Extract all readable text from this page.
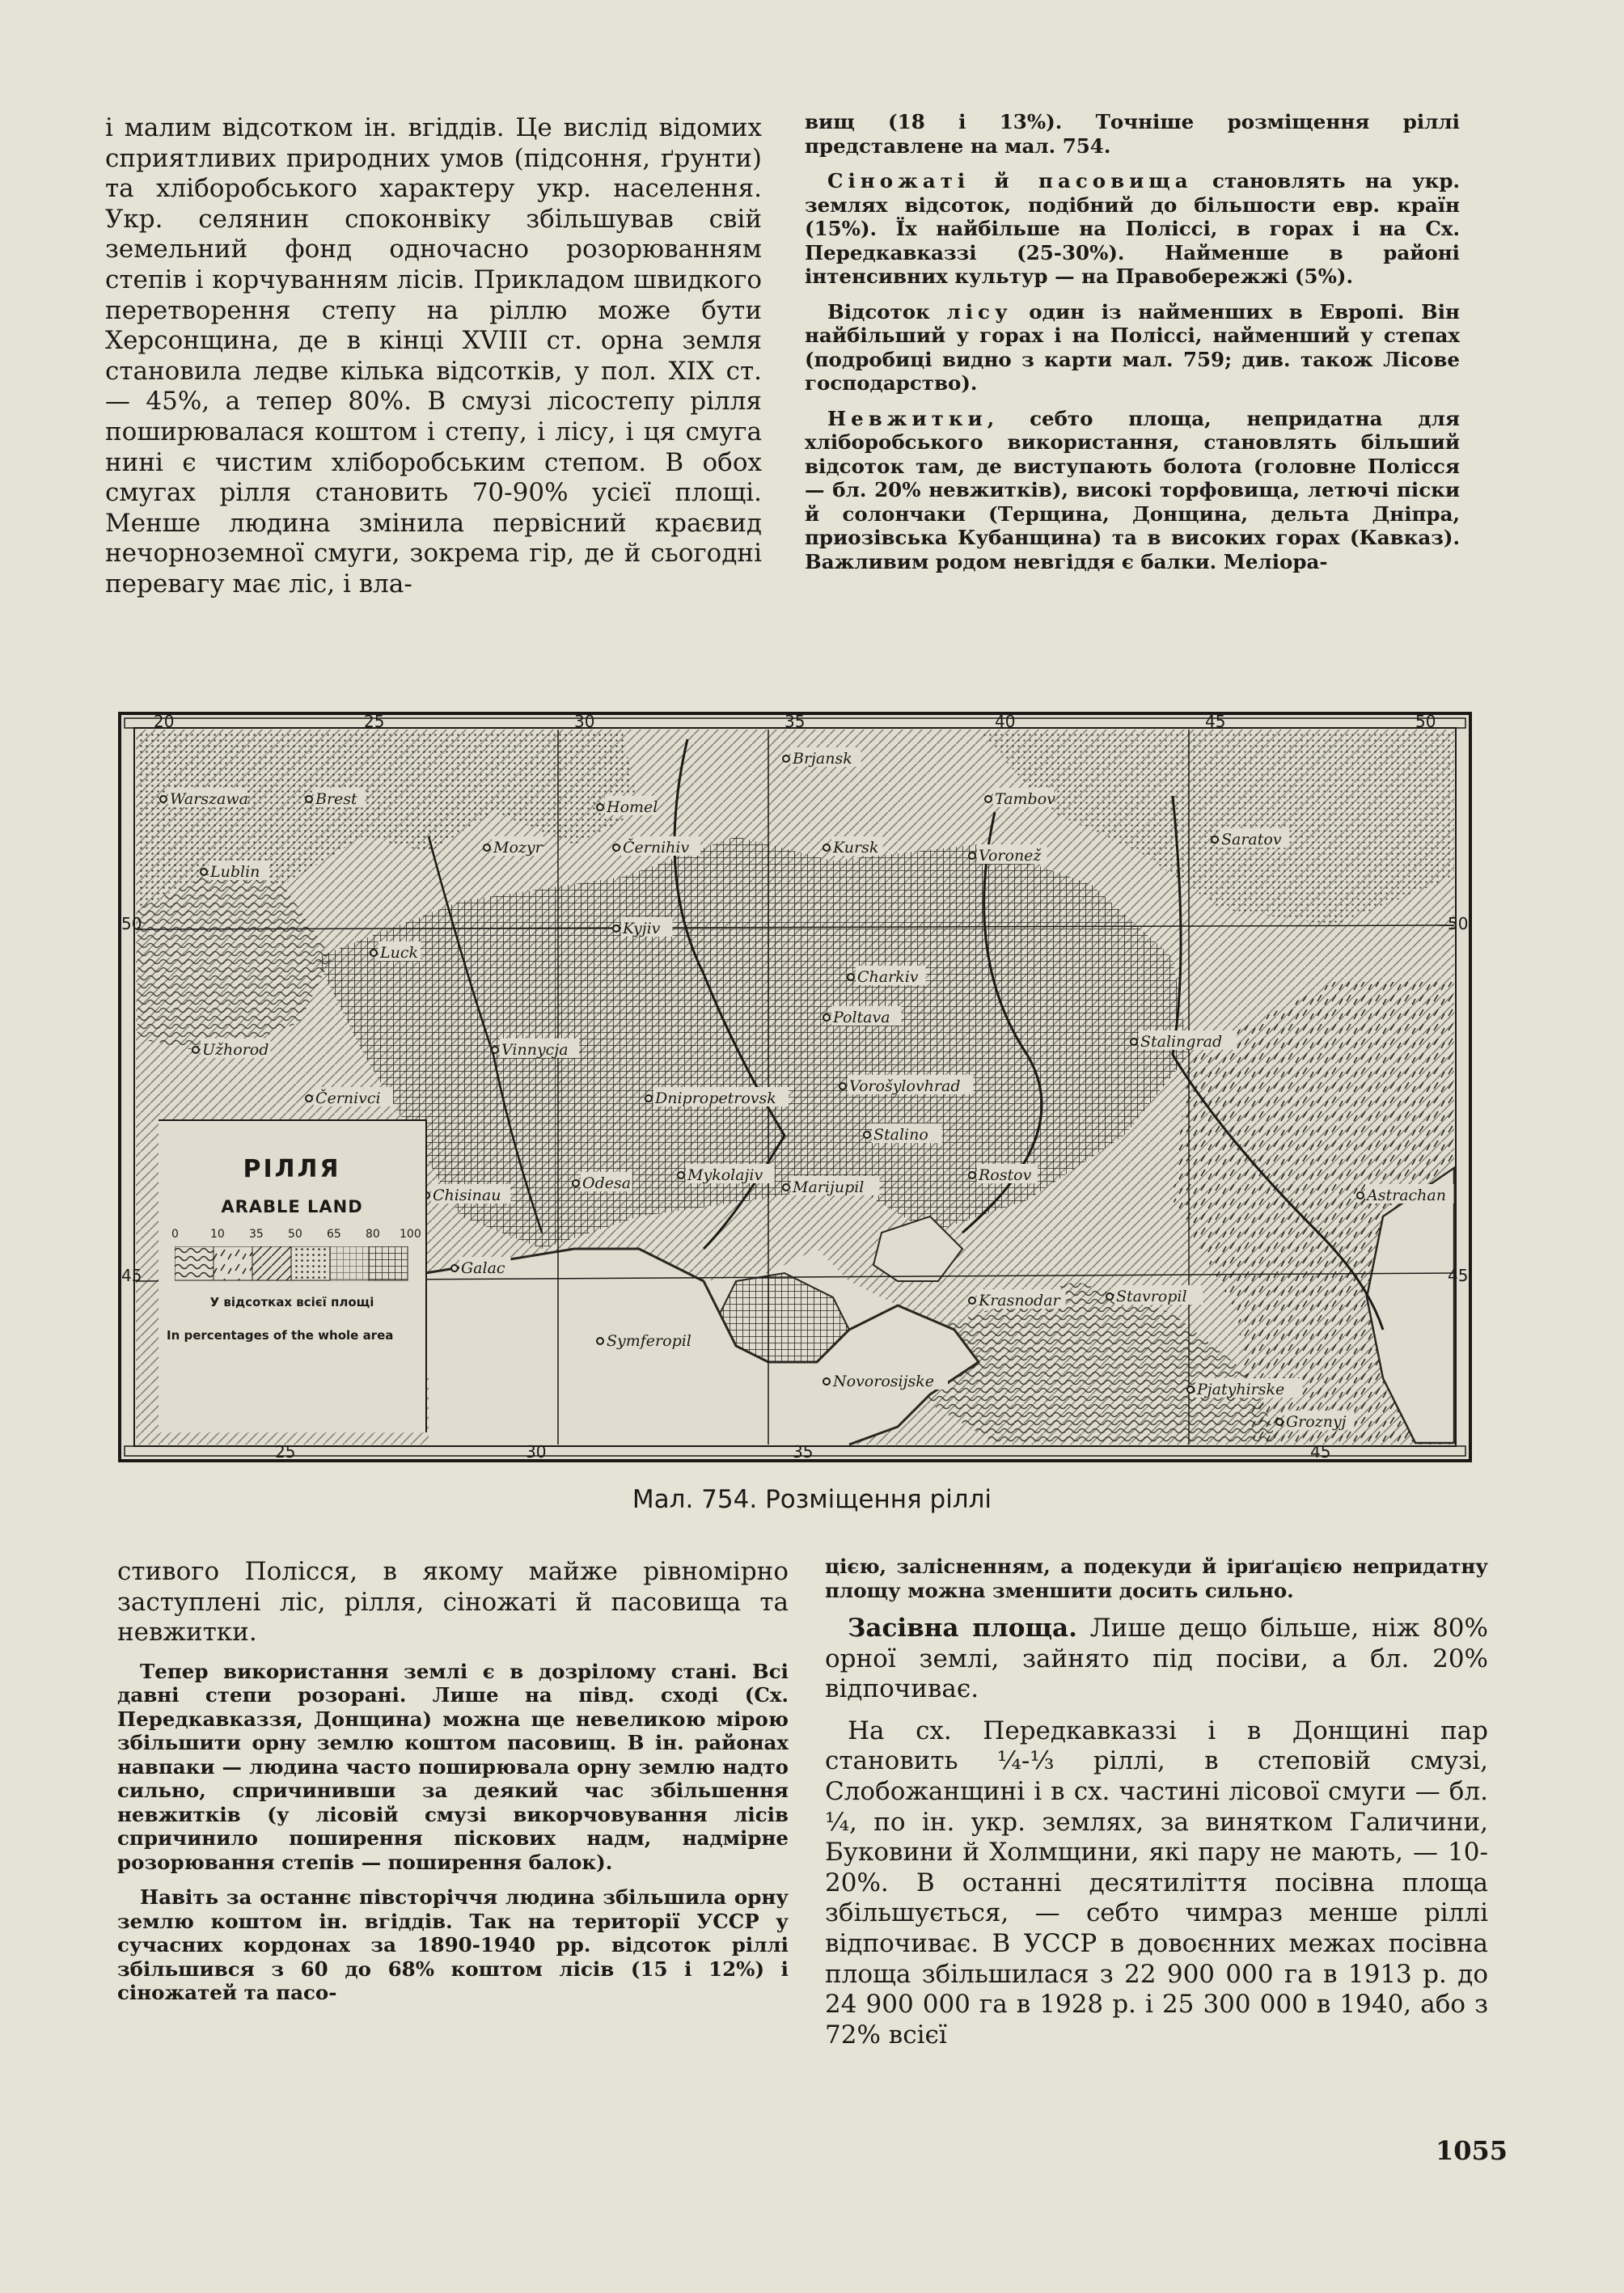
і малим відсотком ін. вгіддів. Це вислід відомих сприятливих природних умов (підсоння, ґрунти) та хліборобського характеру укр. населення. Укр. селянин споконвіку збільшував свій земельний фонд одночасно розорюванням степів і корчуванням лісів. Прикладом швидкого перетворення степу на ріллю може бути Херсонщина, де в кінці XVIII ст. орна земля становила ледве кілька відсотків, у пол. XIX ст. — 45%, а тепер 80%. В смузі лісостепу рілля поширювалася коштом і степу, і лісу, і ця смуга нині є чистим хліборобським степом. В обох смугах рілля становить 70-90% усієї площі. Менше людина змінила первісний краєвид нечорноземної смуги, зокрема гір, де й сьогодні перевагу має ліс, і вла-

вищ (18 і 13%). Точніше розміщення ріллі представлене на мал. 754.

Сіножаті й пасовища становлять на укр. землях відсоток, подібний до більшости евр. країн (15%). Їх найбільше на Поліссі, в горах і на Сх. Передкавказзі (25-30%). Найменше в районі інтенсивних культур — на Правобережжі (5%).

Відсоток лісу один із найменших в Европі. Він найбільший у горах і на Поліссі, найменший у степах (подробиці видно з карти мал. 759; див. також Лісове господарство).

Невжитки, себто площа, непридатна для хліборобського використання, становлять більший відсоток там, де виступають болота (головне Полісся — бл. 20% невжитків), високі торфовища, летючі піски й солончаки (Терщина, Донщина, дельта Дніпра, приозівська Кубанщина) та в високих горах (Кавказ). Важливим родом невгіддя є балки. Меліора-

Brjansk
Tambov
Kursk	Voronež
Saratov
Charkiv
Poltava
Stalingrad
Dnipropetrovsk
Vorošylovhrad
Stalino
Marijupil
Rostov
Odesa	Mykolajiv
Chisinau	Astrachan
Krasnodar	Stavropil
Novorosijske
Symferopil
Pjatyhirske
Groznyj
Vinnycja
Kyjiv
Černihiv
Homel
Mozyr
Luck
Lublin
Warszawa	Brest
Užhorod
Černivci
Galac
20	25	30	35	40	45	50
25	30	35	45
50
45
50
45
РІЛЛЯ
ARABLE LAND
0	10 35 50 65 80 100
У відсотках всієї площі
In percentages of the whole area
Мал. 754. Розміщення ріллі

стивого Полісся, в якому майже рівномірно заступлені ліс, рілля, сіножаті й пасовища та невжитки.

Тепер використання землі є в дозрілому стані. Всі давні степи розорані. Лише на півд. сході (Сх. Передкавказзя, Донщина) можна ще невеликою мірою збільшити орну землю коштом пасовищ. В ін. районах навпаки — людина часто поширювала орну землю надто сильно, спричинивши за деякий час збільшення невжитків (у лісовій смузі викорчовування лісів спричинило поширення піскових надм, надмірне розорювання степів — поширення балок).

Навіть за останнє півсторіччя людина збільшила орну землю коштом ін. вгіддів. Так на території УССР у сучасних кордонах за 1890-1940 рр. відсоток ріллі збільшився з 60 до 68% коштом лісів (15 і 12%) і сіножатей та пасо-

цією, залісненням, а подекуди й іриґацією непридатну площу можна зменшити досить сильно.

Засівна площа. Лише дещо більше, ніж 80% орної землі, зайнято під посіви, а бл. 20% відпочиває.

На сх. Передкавказзі і в Донщині пар становить ¼-⅓ ріллі, в степовій смузі, Слобожанщині і в сх. частині лісової смуги — бл. ¼, по ін. укр. землях, за винятком Галичини, Буковини й Холмщини, які пару не мають, — 10-20%. В останні десятиліття посівна площа збільшується, — себто чимраз менше ріллі відпочиває. В УССР в довоєнних межах посівна площа збільшилася з 22 900 000 га в 1913 р. до 24 900 000 га в 1928 р. і 25 300 000 в 1940, або з 72% всієї

1055
